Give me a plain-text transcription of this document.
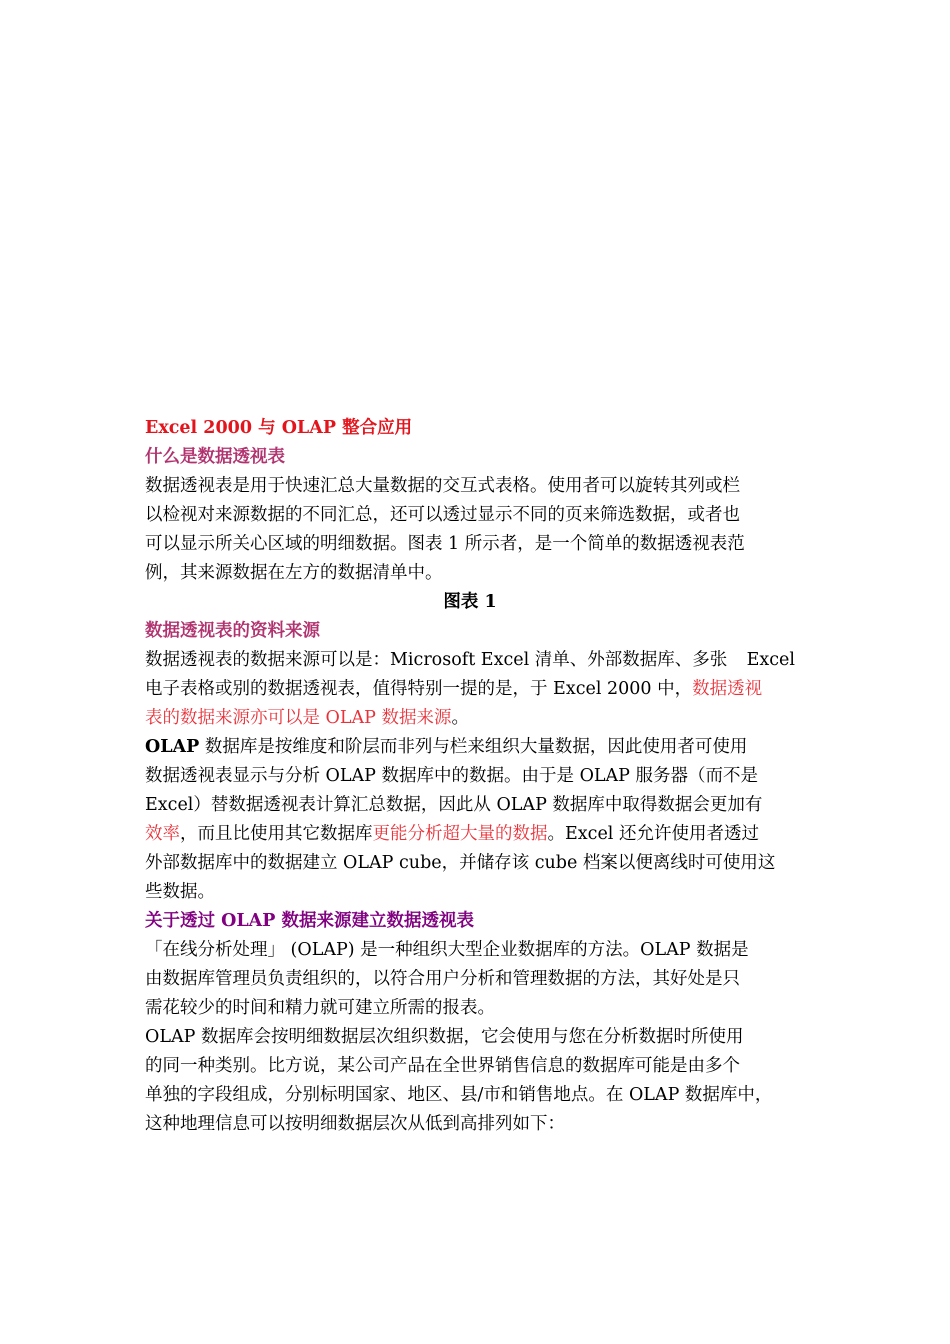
Excel 2000 与 OLAP 整合应用
什么是数据透视表
数据透视表是用于快速汇总大量数据的交互式表格。使用者可以旋转其列或栏
以检视对来源数据的不同汇总，还可以透过显示不同的页来筛选数据，或者也
可以显示所关心区域的明细数据。图表 1 所示者，是一个简单的数据透视表范
例，其来源数据在左方的数据清单中。
图表 1
数据透视表的资料来源
数据透视表的数据来源可以是：Microsoft Excel 清单、外部数据库、多张 Excel
电子表格或别的数据透视表，值得特别一提的是，于 Excel 2000 中，数据透视
表的数据来源亦可以是 OLAP 数据来源。
OLAP 数据库是按维度和阶层而非列与栏来组织大量数据，因此使用者可使用
数据透视表显示与分析 OLAP 数据库中的数据。由于是 OLAP 服务器（而不是
Excel）替数据透视表计算汇总数据，因此从 OLAP 数据库中取得数据会更加有
效率，而且比使用其它数据库更能分析超大量的数据。Excel 还允许使用者透过
外部数据库中的数据建立 OLAP cube，并储存该 cube 档案以便离线时可使用这
些数据。
关于透过 OLAP 数据来源建立数据透视表
「在线分析处理」 (OLAP) 是一种组织大型企业数据库的方法。OLAP 数据是
由数据库管理员负责组织的，以符合用户分析和管理数据的方法，其好处是只
需花较少的时间和精力就可建立所需的报表。
OLAP 数据库会按明细数据层次组织数据，它会使用与您在分析数据时所使用
的同一种类别。比方说，某公司产品在全世界销售信息的数据库可能是由多个
单独的字段组成，分别标明国家、地区、县/市和销售地点。在 OLAP 数据库中，
这种地理信息可以按明细数据层次从低到高排列如下：
